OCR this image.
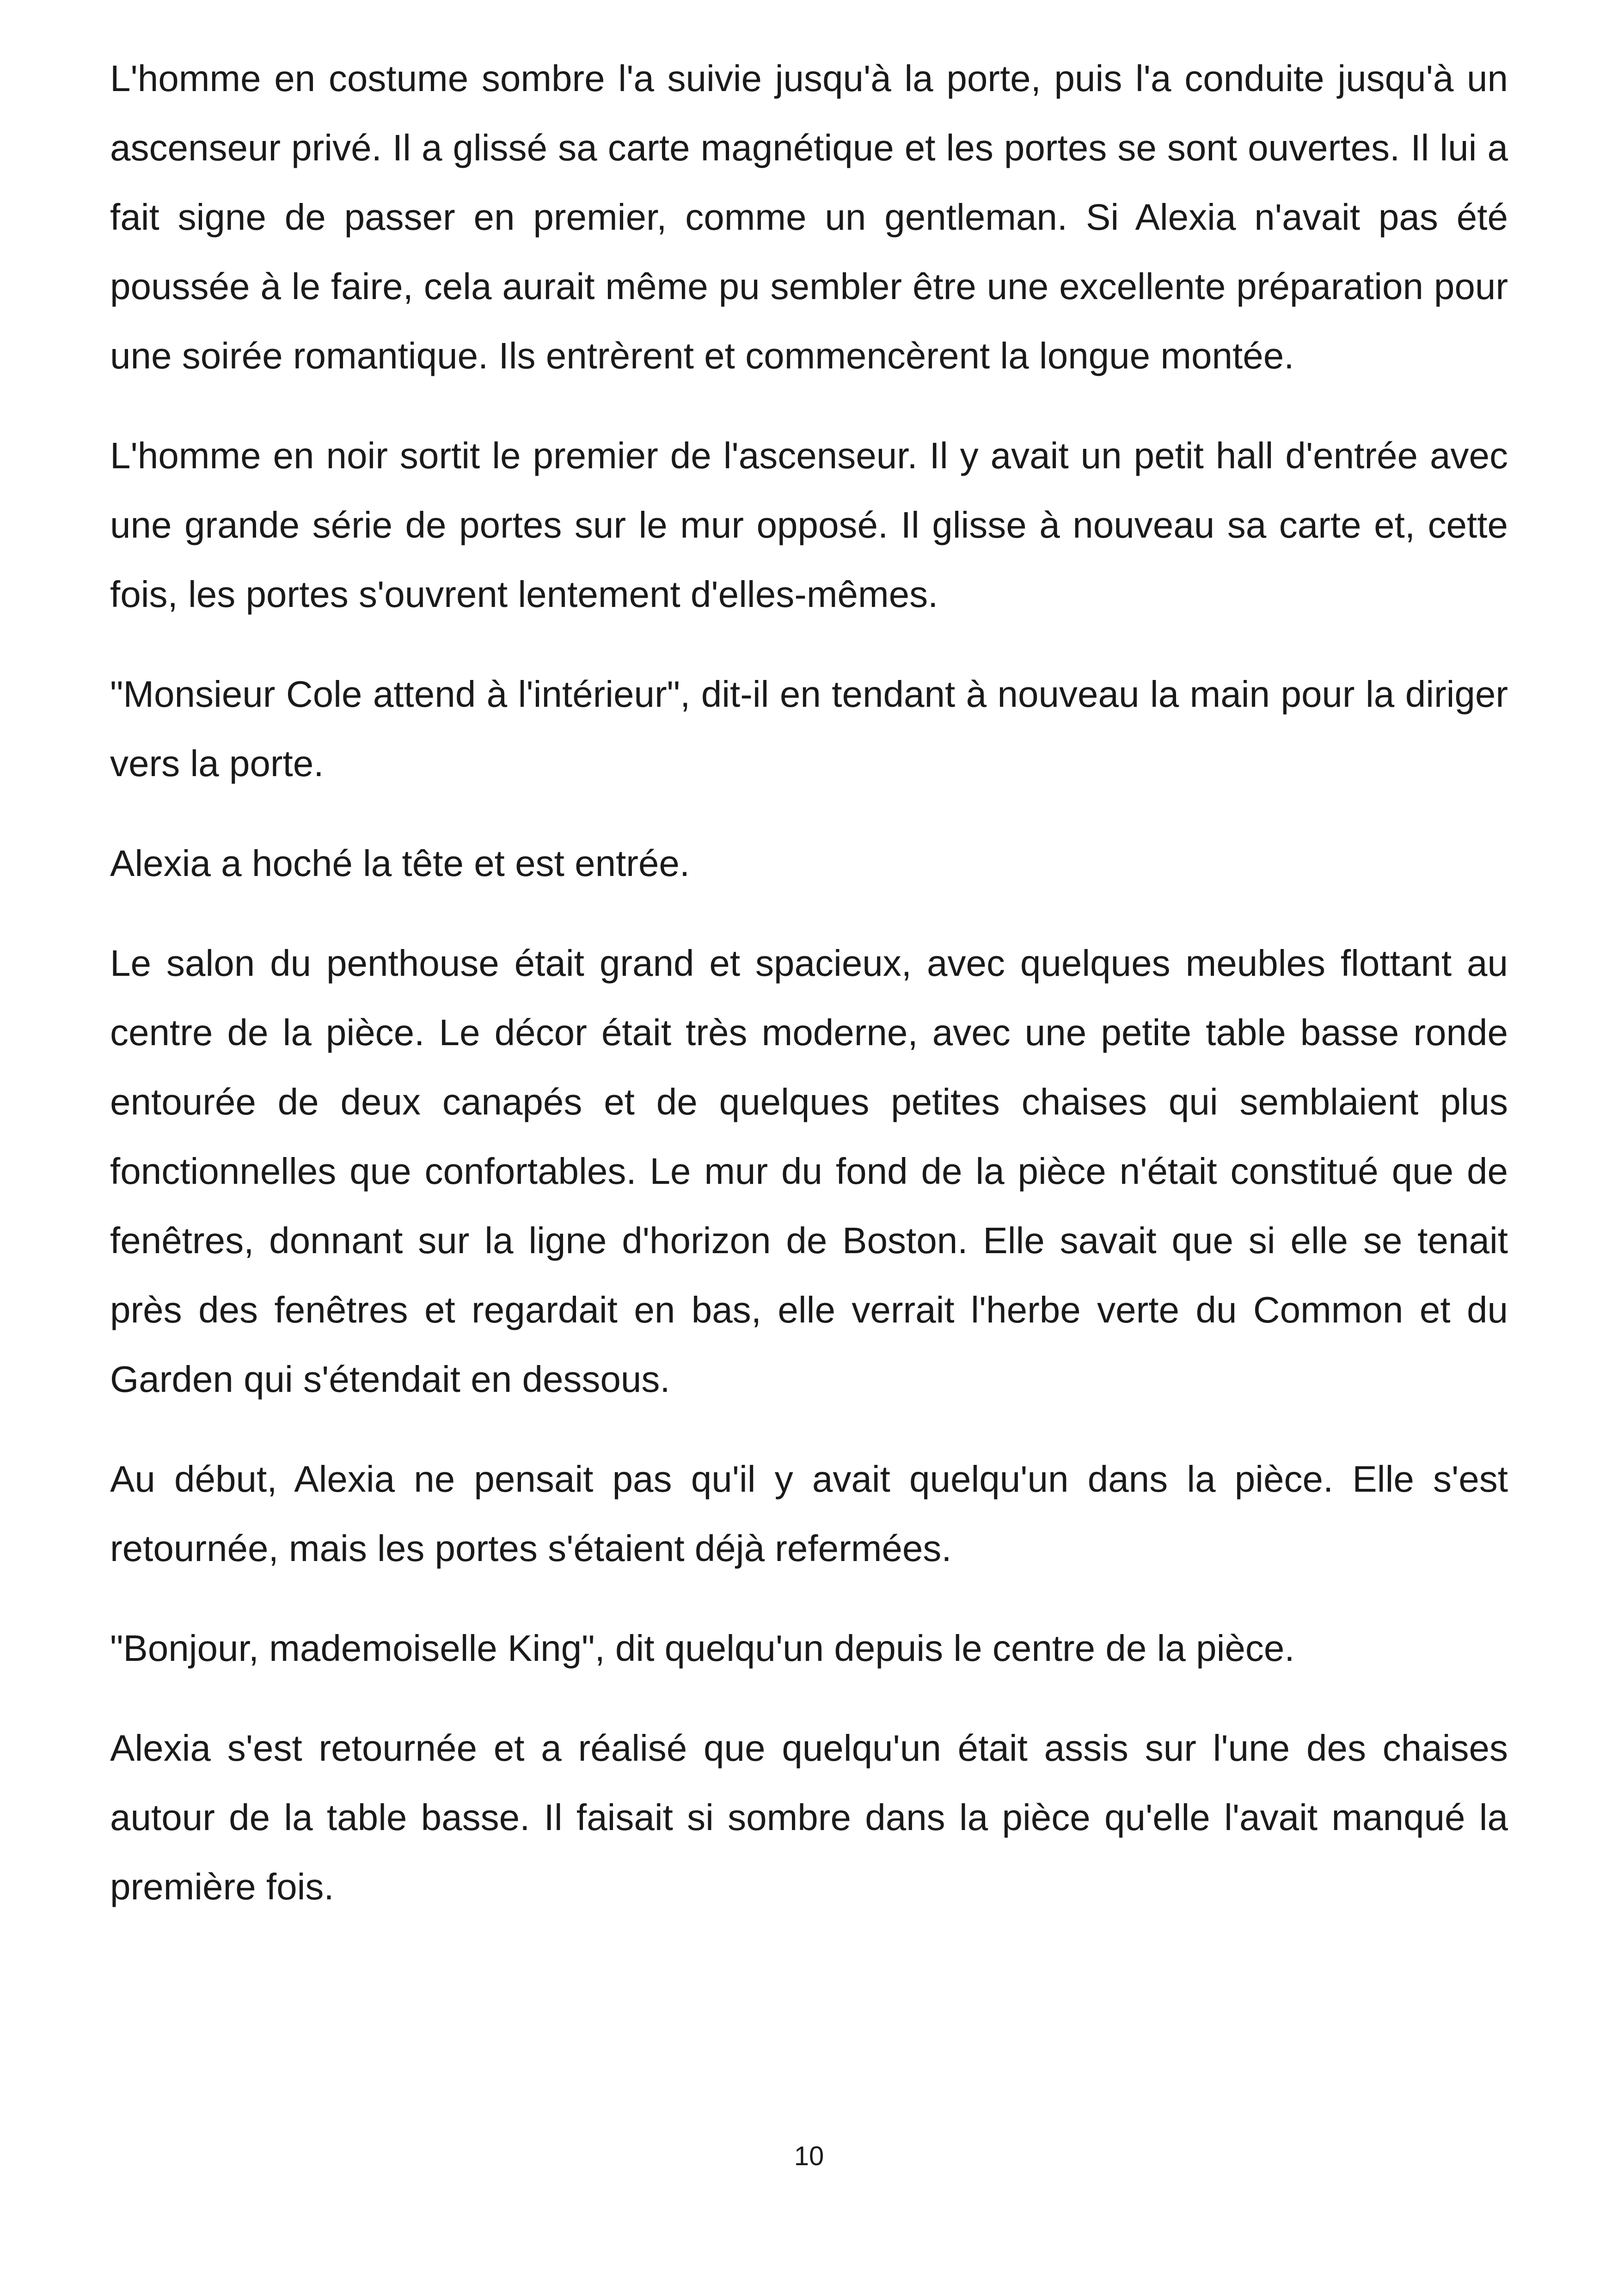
L'homme en costume sombre l'a suivie jusqu'à la porte, puis l'a conduite jusqu'à un ascenseur privé. Il a glissé sa carte magnétique et les portes se sont ouvertes. Il lui a fait signe de passer en premier, comme un gentleman. Si Alexia n'avait pas été poussée à le faire, cela aurait même pu sembler être une excellente préparation pour une soirée romantique. Ils entrèrent et commencèrent la longue montée.

L'homme en noir sortit le premier de l'ascenseur. Il y avait un petit hall d'entrée avec une grande série de portes sur le mur opposé. Il glisse à nouveau sa carte et, cette fois, les portes s'ouvrent lentement d'elles-mêmes.

"Monsieur Cole attend à l'intérieur", dit-il en tendant à nouveau la main pour la diriger vers la porte.

Alexia a hoché la tête et est entrée.

Le salon du penthouse était grand et spacieux, avec quelques meubles flottant au centre de la pièce. Le décor était très moderne, avec une petite table basse ronde entourée de deux canapés et de quelques petites chaises qui semblaient plus fonctionnelles que confortables. Le mur du fond de la pièce n'était constitué que de fenêtres, donnant sur la ligne d'horizon de Boston. Elle savait que si elle se tenait près des fenêtres et regardait en bas, elle verrait l'herbe verte du Common et du Garden qui s'étendait en dessous.

Au début, Alexia ne pensait pas qu'il y avait quelqu'un dans la pièce. Elle s'est retournée, mais les portes s'étaient déjà refermées.

"Bonjour, mademoiselle King", dit quelqu'un depuis le centre de la pièce.

Alexia s'est retournée et a réalisé que quelqu'un était assis sur l'une des chaises autour de la table basse. Il faisait si sombre dans la pièce qu'elle l'avait manqué la première fois.

10
